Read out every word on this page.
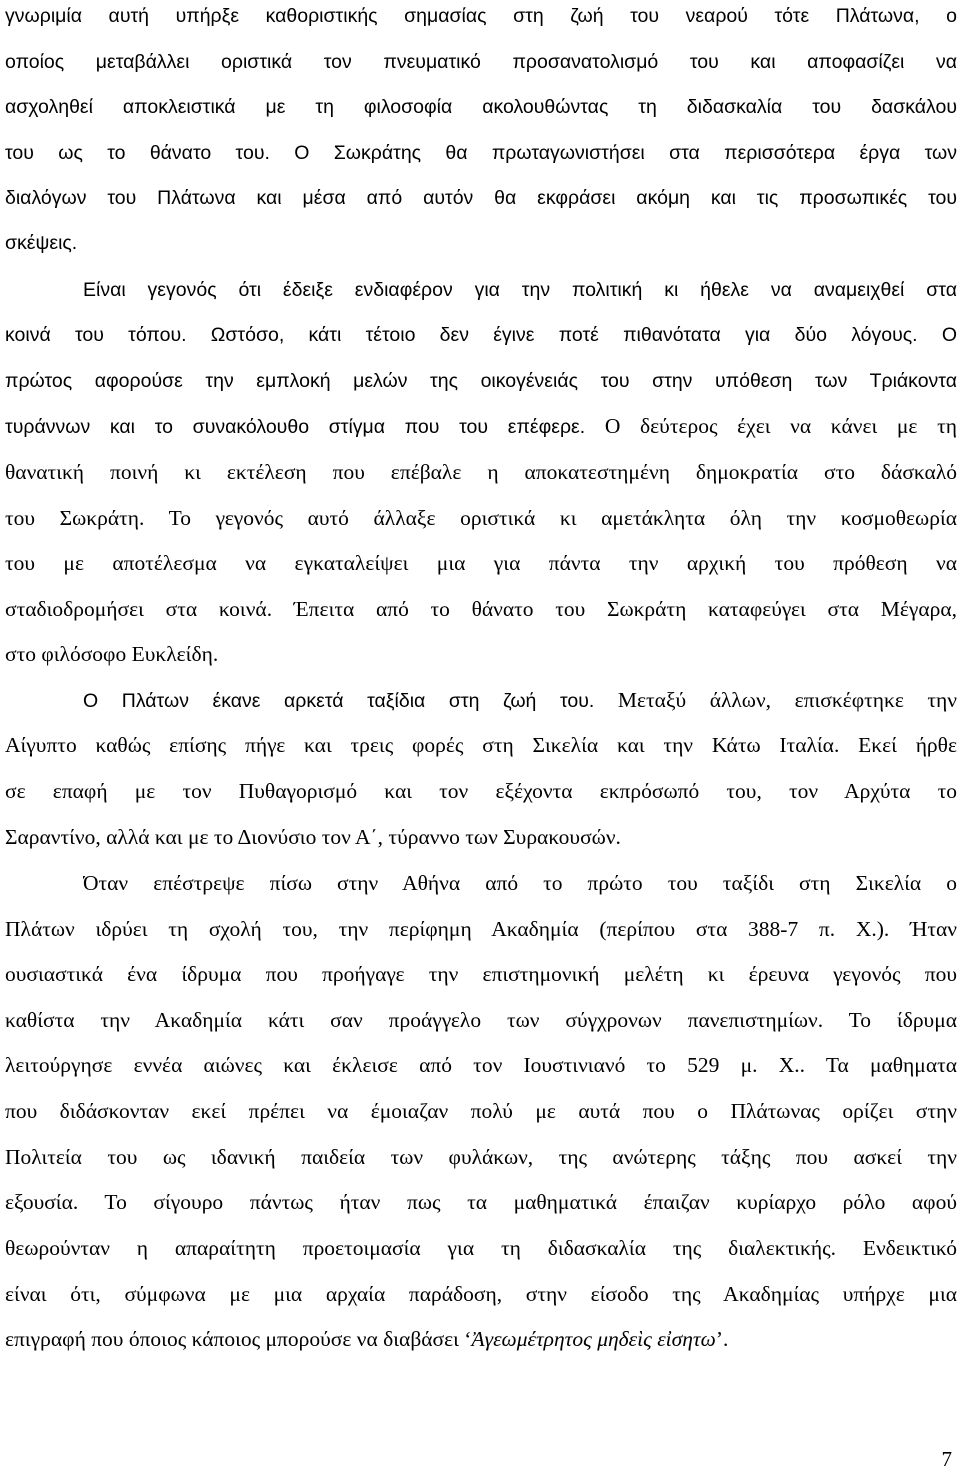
γνωριμία αυτή υπήρξε καθοριστικής σημασίας στη ζωή του νεαρού τότε Πλάτωνα, ο
οποίος μεταβάλλει οριστικά τον πνευματικό προσανατολισμό του και αποφασίζει να
ασχοληθεί αποκλειστικά με τη φιλοσοφία ακολουθώντας τη διδασκαλία του δασκάλου
του ως το θάνατο του. Ο Σωκράτης θα πρωταγωνιστήσει στα περισσότερα έργα των
διαλόγων του Πλάτωνα και μέσα από αυτόν θα εκφράσει ακόμη και τις προσωπικές του
σκέψεις.
Είναι γεγονός ότι έδειξε ενδιαφέρον για την πολιτική κι ήθελε να αναμειχθεί στα
κοινά του τόπου. Ωστόσο, κάτι τέτοιο δεν έγινε ποτέ πιθανότατα για δύο λόγους. Ο
πρώτος αφορούσε την εμπλοκή μελών της οικογένειάς του στην υπόθεση των Τριάκοντα
τυράννων και το συνακόλουθο στίγμα που του επέφερε. Ο δεύτερος έχει να κάνει με τη
θανατική ποινή κι εκτέλεση που επέβαλε η αποκατεστημένη δημοκρατία στο δάσκαλό
του Σωκράτη. Το γεγονός αυτό άλλαξε οριστικά κι αμετάκλητα όλη την κοσμοθεωρία
του με αποτέλεσμα να εγκαταλείψει μια για πάντα την αρχική του πρόθεση να
σταδιοδρομήσει στα κοινά. Έπειτα από το θάνατο του Σωκράτη καταφεύγει στα Μέγαρα,
στο φιλόσοφο Ευκλείδη.
Ο Πλάτων έκανε αρκετά ταξίδια στη ζωή του. Μεταξύ άλλων, επισκέφτηκε την
Αίγυπτο καθώς επίσης πήγε και τρεις φορές στη Σικελία και την Κάτω Ιταλία. Εκεί ήρθε
σε επαφή με τον Πυθαγορισμό και τον εξέχοντα εκπρόσωπό του, τον Αρχύτα το
Σαραντίνο, αλλά και με το Διονύσιο τον Α΄, τύραννο των Συρακουσών.
Όταν επέστρεψε πίσω στην Αθήνα από το πρώτο του ταξίδι στη Σικελία ο
Πλάτων ιδρύει τη σχολή του, την περίφημη Ακαδημία (περίπου στα 388-7 π. Χ.). Ήταν
ουσιαστικά ένα ίδρυμα που προήγαγε την επιστημονική μελέτη κι έρευνα γεγονός που
καθίστα την Ακαδημία κάτι σαν πρoάγγελο των σύγχρονων πανεπιστημίων. Το ίδρυμα
λειτούργησε εννέα αιώνες και έκλεισε από τον Ιουστινιανό το 529 μ. Χ.. Τα μαθηματα
που διδάσκονταν εκεί πρέπει να έμοιαζαν πολύ με αυτά που ο Πλάτωνας ορίζει στην
Πολιτεία του ως ιδανική παιδεία των φυλάκων, της ανώτερης τάξης που ασκεί την
εξουσία. Το σίγουρο πάντως ήταν πως τα μαθηματικά έπαιζαν κυρίαρχο ρόλο αφού
θεωρούνταν η απαραίτητη προετοιμασία για τη διδασκαλία της διαλεκτικής. Ενδεικτικό
είναι ότι, σύμφωνα με μια αρχαία παράδοση, στην είσοδο της Ακαδημίας υπήρχε μια
επιγραφή που όποιος κάποιος μπορούσε να διαβάσει ‘Ἀγεωμέτρητος μηδεὶς εἰσητω’.
7
